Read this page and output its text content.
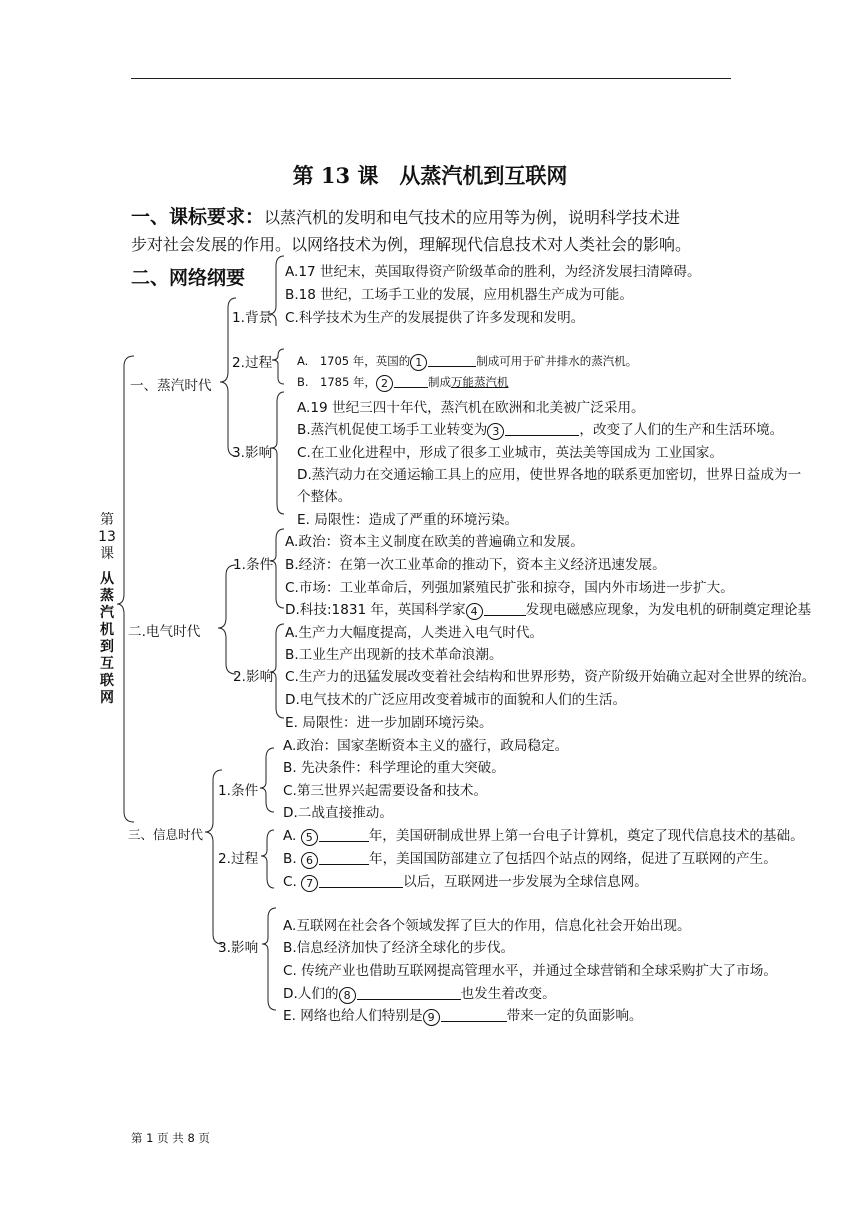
第 13 课　从蒸汽机到互联网
一、课标要求：以蒸汽机的发明和电气技术的应用等为例，说明科学技术进
步对社会发展的作用。以网络技术为例，理解现代信息技术对人类社会的影响。
二、网络纲要
第13课
从蒸汽机到互联网
一、蒸汽时代
1.背景
A.17 世纪末，英国取得资产阶级革命的胜利，为经济发展扫清障碍。
B.18 世纪，工场手工业的发展，应用机器生产成为可能。
C.科学技术为生产的发展提供了许多发现和发明。
2.过程 A.　1705 年，英国的 1	制成可用于矿井排水的蒸汽机。
B.　1785 年， 2	制成万能蒸汽机
3.影响
A.19 世纪三四十年代，蒸汽机在欧洲和北美被广泛采用。
B.蒸汽机促使工场手工业转变为 3	，改变了人们的生产和生活环境。
C.在工业化进程中，形成了很多工业城市，英法美等国成为 工业国家。
D.蒸汽动力在交通运输工具上的应用，使世界各地的联系更加密切，世界日益成为一
个整体。
E. 局限性：造成了严重的环境污染。
二.电气时代
1.条件
A.政治：资本主义制度在欧美的普遍确立和发展。
B.经济：在第一次工业革命的推动下，资本主义经济迅速发展。
C.市场：工业革命后，列强加紧殖民扩张和掠夺，国内外市场进一步扩大。
D.科技:1831 年，英国科学家 4	发现电磁感应现象，为发电机的研制奠定理论基
2.影响
A.生产力大幅度提高，人类进入电气时代。
B.工业生产出现新的技术革命浪潮。
C.生产力的迅猛发展改变着社会结构和世界形势，资产阶级开始确立起对全世界的统治。
D.电气技术的广泛应用改变着城市的面貌和人们的生活。
E. 局限性：进一步加剧环境污染。
三、信息时代
1.条件
A.政治：国家垄断资本主义的盛行，政局稳定。
B. 先决条件：科学理论的重大突破。
C.第三世界兴起需要设备和技术。
D.二战直接推动。
2.过程
A. 5	年，美国研制成世界上第一台电子计算机，奠定了现代信息技术的基础。
B. 6	年，美国国防部建立了包括四个站点的网络，促进了互联网的产生。
C. 7	以后，互联网进一步发展为全球信息网。
3.影响
A.互联网在社会各个领域发挥了巨大的作用，信息化社会开始出现。
B.信息经济加快了经济全球化的步伐。
C. 传统产业也借助互联网提高管理水平，并通过全球营销和全球采购扩大了市场。
D.人们的 8	也发生着改变。
E. 网络也给人们特别是 9	带来一定的负面影响。
第 1 页 共 8 页
